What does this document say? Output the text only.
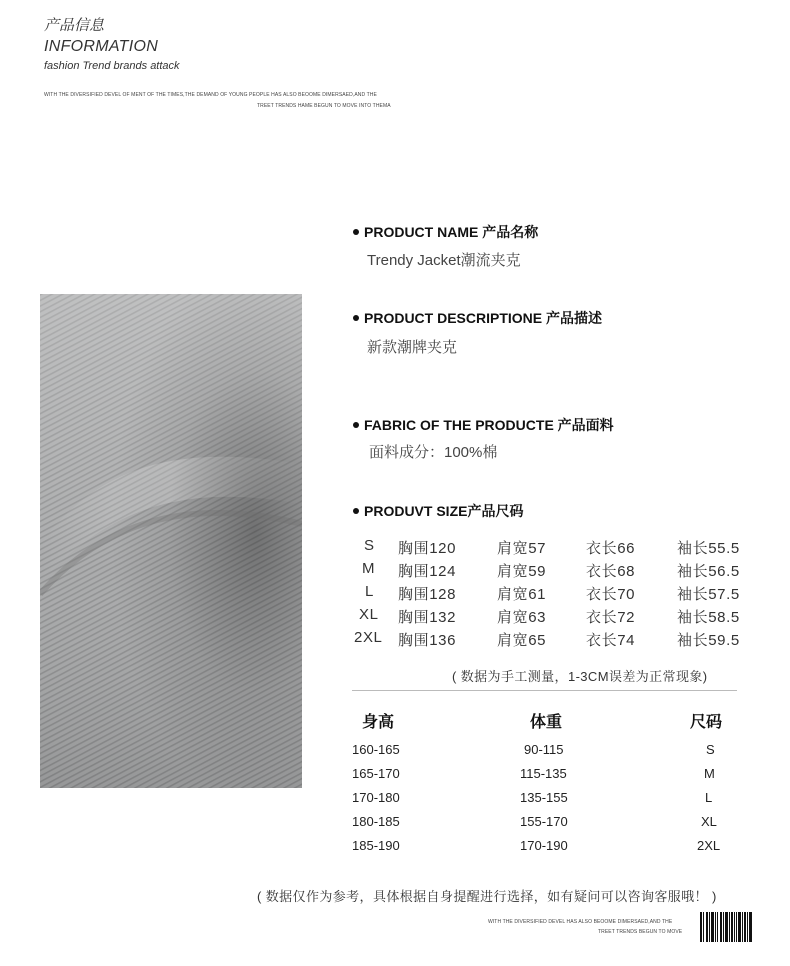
产品信息
INFORMATION
fashion Trend brands attack
WITH THE DIVERSIFIED DEVEL OF MENT OF THE TIMES,THE DEMAND OF YOUNG PEOPLE HAS ALSO BEOOME DIMERSAED,AND THE
TREET TRENDS HAME BEGUN TO MOVE INTO THEMA
PRODUCT NAME 产品名称
Trendy Jacket潮流夹克
PRODUCT DESCRIPTIONE 产品描述
新款潮牌夹克
FABRIC OF THE PRODUCTE 产品面料
面料成分：100%棉
PRODUVT SIZE产品尺码
S 胸围120	肩宽57	衣长66	袖长55.5
M 胸围124	肩宽59	衣长68	袖长56.5
L 胸围128	肩宽61	衣长70	袖长57.5
XL 胸围132	肩宽63	衣长72	袖长58.5
2XL 胸围136	肩宽65	衣长74	袖长59.5
( 数据为手工测量，1-3CM误差为正常现象)
身高	体重	尺码
160-165	90-115	S
165-170	115-135	M
170-180	135-155	L
180-185	155-170	XL
185-190	170-190	2XL
( 数据仅作为参考，具体根据自身提醒进行选择，如有疑问可以咨询客服哦！ )
WITH THE DIVERSIFIED DEVEL HAS ALSO BEOOME DIMERSAED,AND THE
TREET TRENDS BEGUN TO MOVE
